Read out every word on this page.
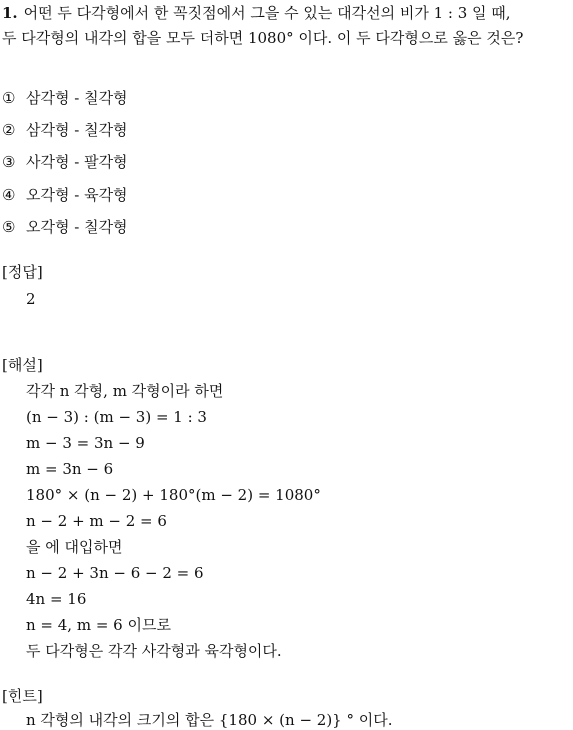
1. 어떤 두 다각형에서 한 꼭짓점에서 그을 수 있는 대각선의 비가 1 : 3 일 때,
두 다각형의 내각의 합을 모두 더하면 1080° 이다. 이 두 다각형으로 옳은 것은?
① 삼각형 - 칠각형
② 삼각형 - 칠각형
③ 사각형 - 팔각형
④ 오각형 - 육각형
⑤ 오각형 - 칠각형
[정답]
2
[해설]
각각 n 각형, m 각형이라 하면
(n − 3) : (m − 3) = 1 : 3
m − 3 = 3n − 9
m = 3n − 6
180° × (n − 2) + 180°(m − 2) = 1080°
n − 2 + m − 2 = 6
을 에 대입하면
n − 2 + 3n − 6 − 2 = 6
4n = 16
n = 4, m = 6 이므로
두 다각형은 각각 사각형과 육각형이다.
[힌트]
n 각형의 내각의 크기의 합은 {180 × (n − 2)} ° 이다.
